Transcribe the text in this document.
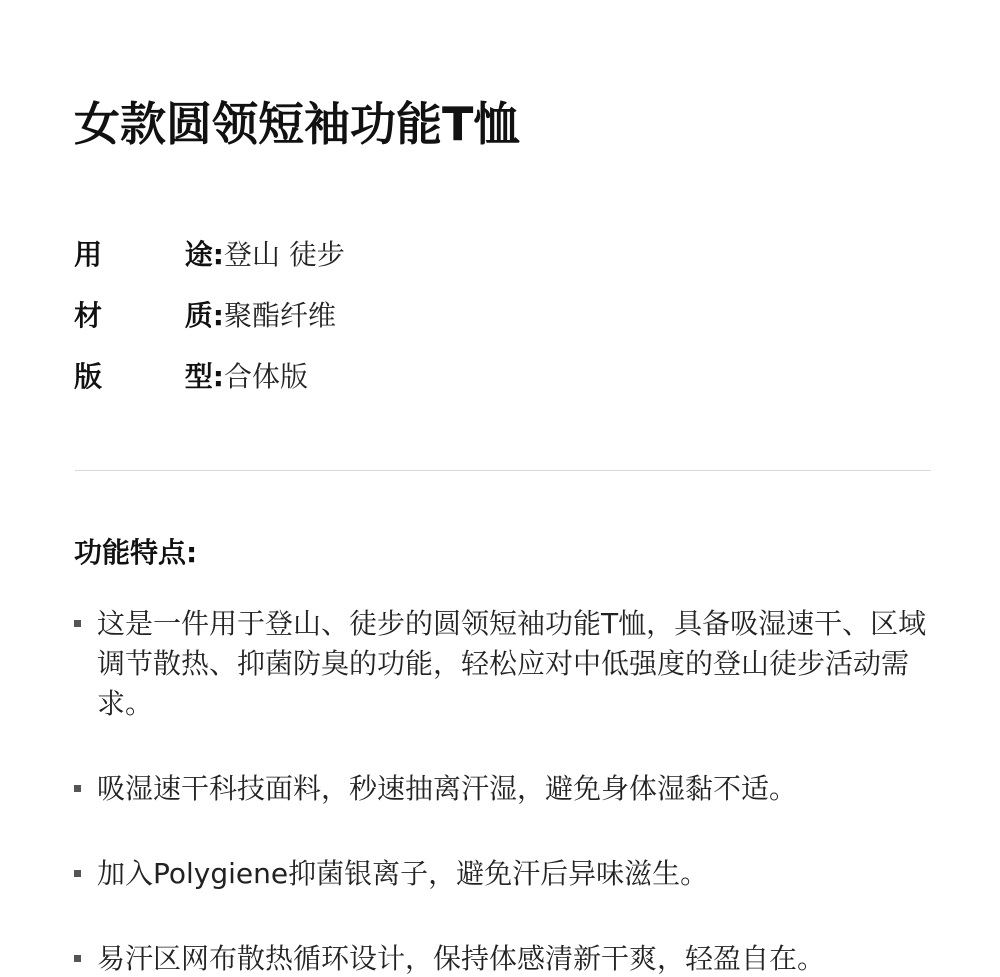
女款圆领短袖功能T恤
用	途: 登山 徒步
材	质: 聚酯纤维
版	型: 合体版
功能特点:
这是一件用于登山、徒步的圆领短袖功能T恤，具备吸湿速干、区域调节散热、抑菌防臭的功能，轻松应对中低强度的登山徒步活动需求。
吸湿速干科技面料，秒速抽离汗湿，避免身体湿黏不适。
加入Polygiene抑菌银离子，避免汗后异味滋生。
易汗区网布散热循环设计，保持体感清新干爽，轻盈自在。
